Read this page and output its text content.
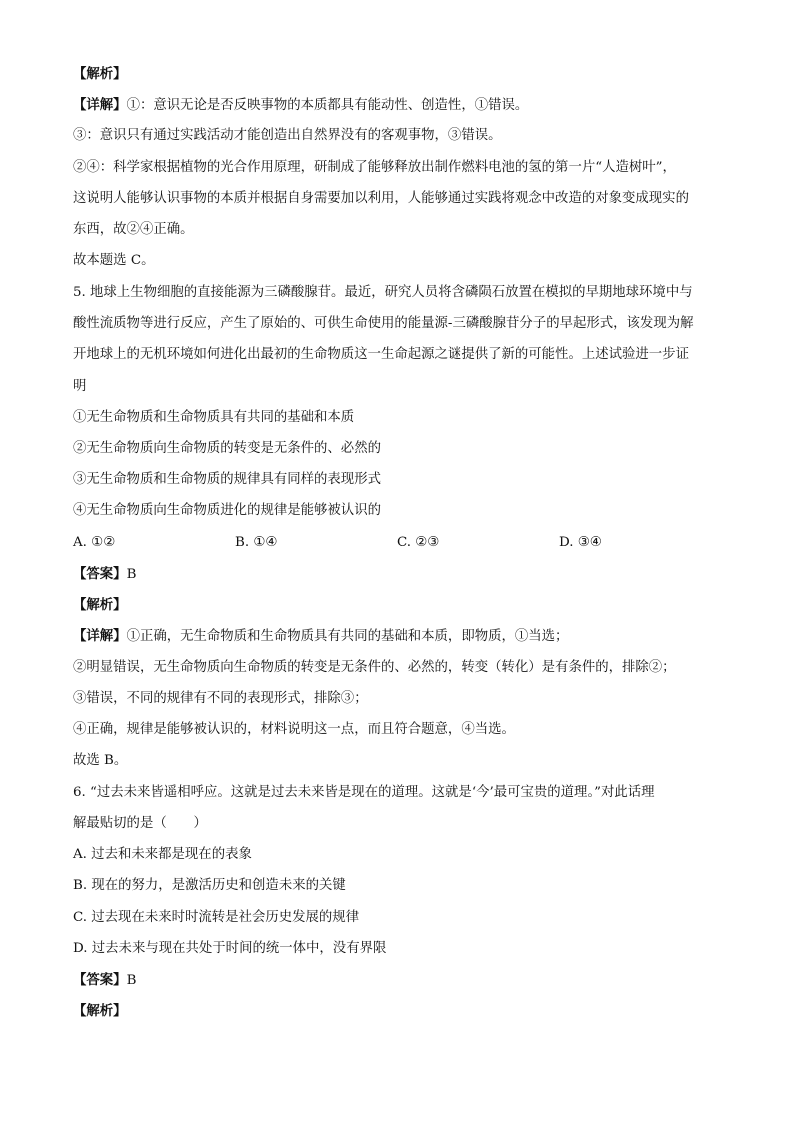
【解析】
【详解】①：意识无论是否反映事物的本质都具有能动性、创造性，①错误。
③：意识只有通过实践活动才能创造出自然界没有的客观事物，③错误。
②④：科学家根据植物的光合作用原理，研制成了能够释放出制作燃料电池的氢的第一片“人造树叶”，
这说明人能够认识事物的本质并根据自身需要加以利用，人能够通过实践将观念中改造的对象变成现实的
东西，故②④正确。
故本题选 C。
5. 地球上生物细胞的直接能源为三磷酸腺苷。最近，研究人员将含磷陨石放置在模拟的早期地球环境中与
酸性流质物等进行反应，产生了原始的、可供生命使用的能量源-三磷酸腺苷分子的早起形式，该发现为解
开地球上的无机环境如何进化出最初的生命物质这一生命起源之谜提供了新的可能性。上述试验进一步证
明
①无生命物质和生命物质具有共同的基础和本质
②无生命物质向生命物质的转变是无条件的、必然的
③无生命物质和生命物质的规律具有同样的表现形式
④无生命物质向生命物质进化的规律是能够被认识的
A. ①②	B. ①④	C. ②③	D. ③④
【答案】B
【解析】
【详解】①正确，无生命物质和生命物质具有共同的基础和本质，即物质，①当选；
②明显错误，无生命物质向生命物质的转变是无条件的、必然的，转变（转化）是有条件的，排除②；
③错误，不同的规律有不同的表现形式，排除③；
④正确，规律是能够被认识的，材料说明这一点，而且符合题意，④当选。
故选 B。
6. “过去未来皆遥相呼应。这就是过去未来皆是现在的道理。这就是‘今’最可宝贵的道理。”对此话理
解最贴切的是（　　）
A. 过去和未来都是现在的表象
B. 现在的努力，是激活历史和创造未来的关键
C. 过去现在未来时时流转是社会历史发展的规律
D. 过去未来与现在共处于时间的统一体中，没有界限
【答案】B
【解析】
